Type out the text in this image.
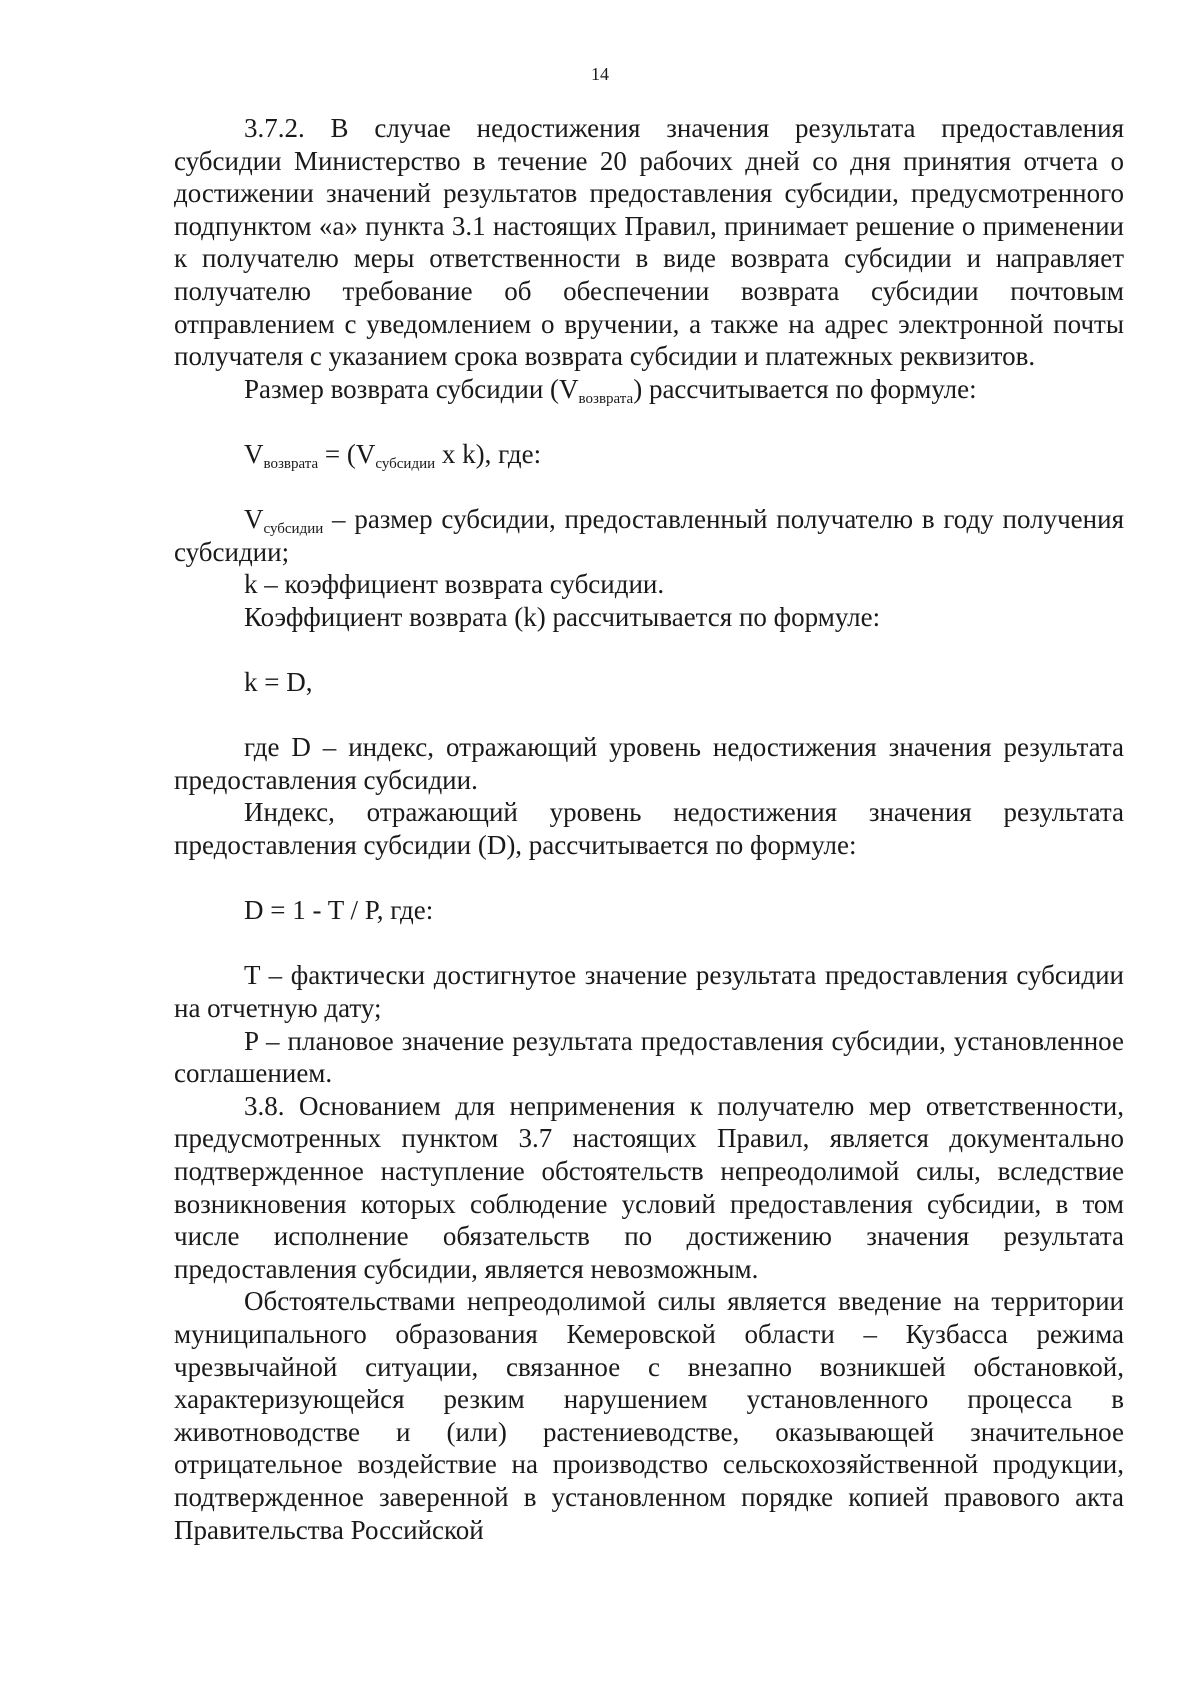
14

3.7.2. В случае недостижения значения результата предоставления субсидии Министерство в течение 20 рабочих дней со дня принятия отчета о достижении значений результатов предоставления субсидии, предусмотренного подпунктом «а» пункта 3.1 настоящих Правил, принимает решение о применении к получателю меры ответственности в виде возврата субсидии и направляет получателю требование об обеспечении возврата субсидии почтовым отправлением с уведомлением о вручении, а также на адрес электронной почты получателя с указанием срока возврата субсидии и платежных реквизитов.

Размер возврата субсидии $(V_{возврата})$ рассчитывается по формуле:

$V_{возврата} = (V_{субсидии}$ x k), где:

$V_{субсидии}$ – размер субсидии, предоставленный получателю в году получения субсидии;

k – коэффициент возврата субсидии.

Коэффициент возврата (k) рассчитывается по формуле:

k = D,

где D – индекс, отражающий уровень недостижения значения результата предоставления субсидии.

Индекс, отражающий уровень недостижения значения результата предоставления субсидии (D), рассчитывается по формуле:

D = 1 - T / P, где:

T – фактически достигнутое значение результата предоставления субсидии на отчетную дату;

P – плановое значение результата предоставления субсидии, установленное соглашением.

3.8. Основанием для неприменения к получателю мер ответственности, предусмотренных пунктом 3.7 настоящих Правил, является документально подтвержденное наступление обстоятельств непреодолимой силы, вследствие возникновения которых соблюдение условий предоставления субсидии, в том числе исполнение обязательств по достижению значения результата предоставления субсидии, является невозможным.

Обстоятельствами непреодолимой силы является введение на территории муниципального образования Кемеровской области – Кузбасса режима чрезвычайной ситуации, связанное с внезапно возникшей обстановкой, характеризующейся резким нарушением установленного процесса в животноводстве и (или) растениеводстве, оказывающей значительное отрицательное воздействие на производство сельскохозяйственной продукции, подтвержденное заверенной в установленном порядке копией правового акта Правительства Российской
